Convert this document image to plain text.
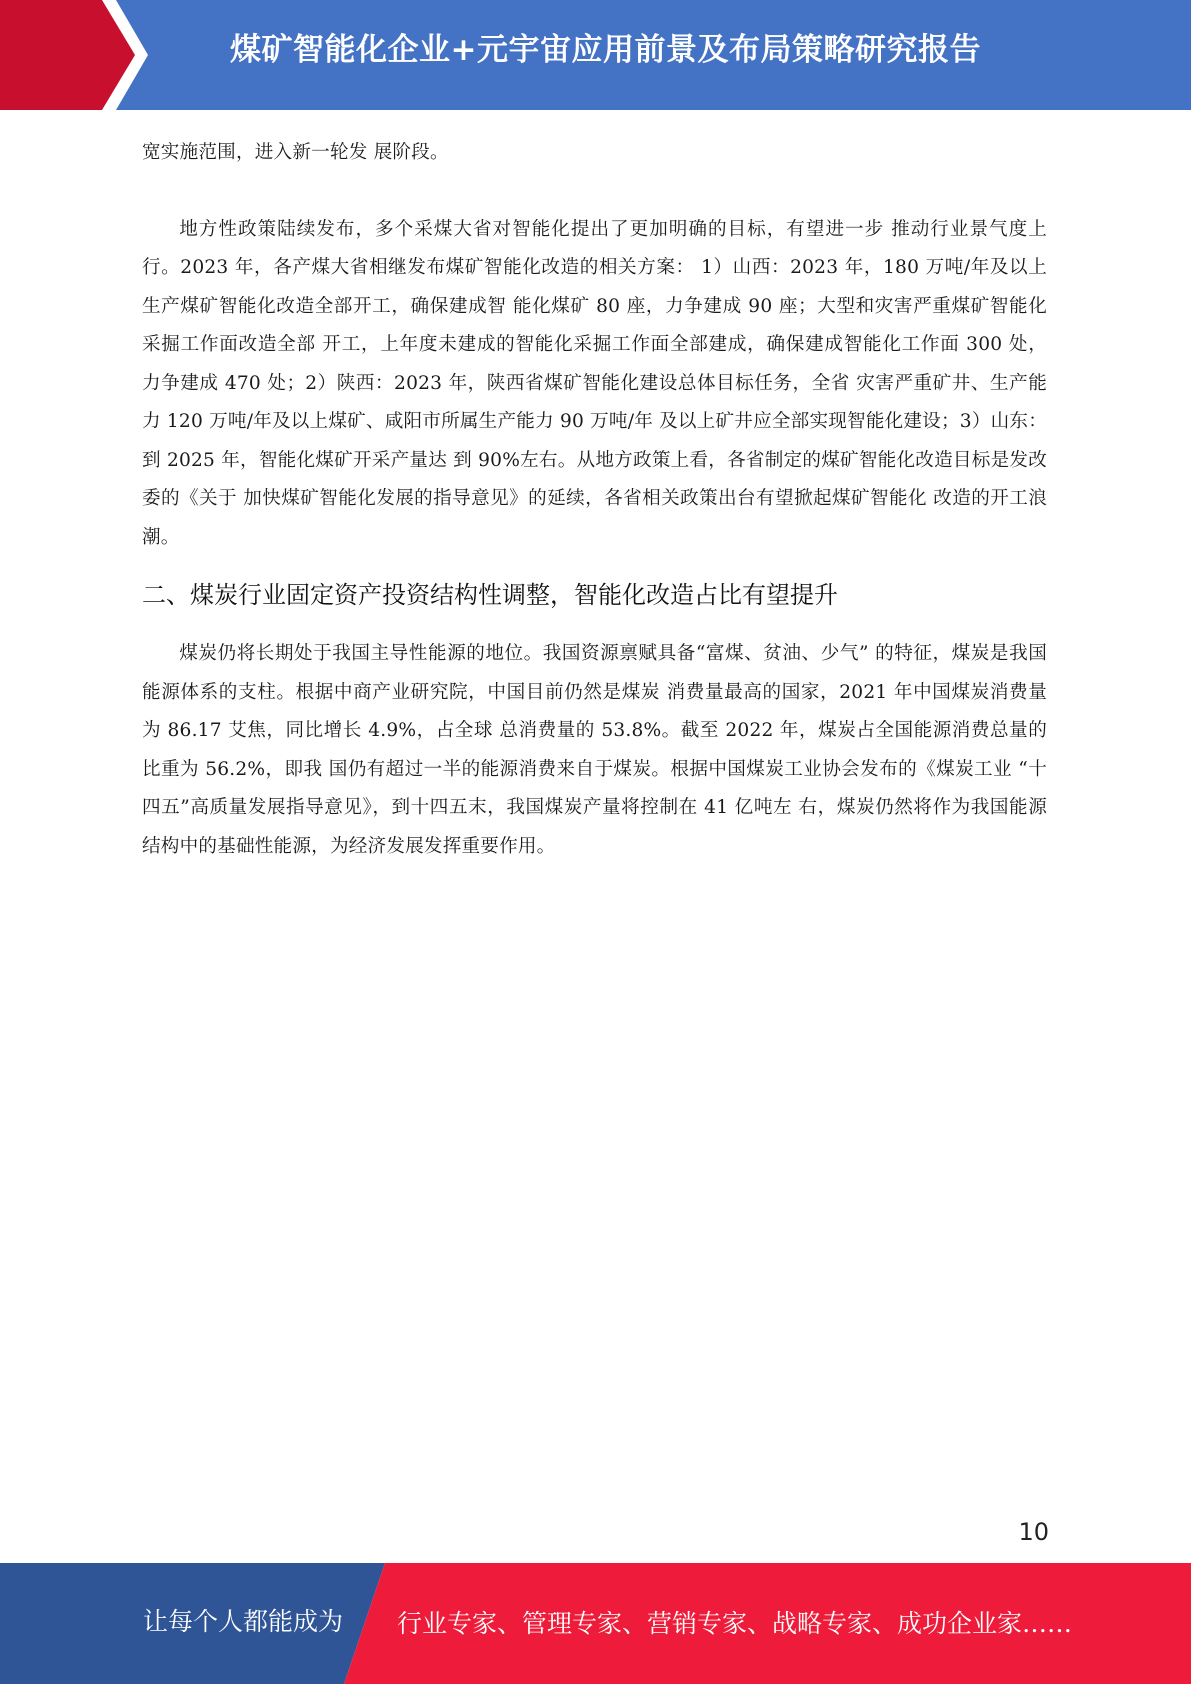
煤矿智能化企业+元宇宙应用前景及布局策略研究报告

宽实施范围，进入新一轮发 展阶段。

地方性政策陆续发布，多个采煤大省对智能化提出了更加明确的目标，有望进一步 推动行业景气度上行。2023 年，各产煤大省相继发布煤矿智能化改造的相关方案： 1）山西：2023 年，180 万吨/年及以上生产煤矿智能化改造全部开工，确保建成智 能化煤矿 80 座，力争建成 90 座；大型和灾害严重煤矿智能化采掘工作面改造全部 开工，上年度未建成的智能化采掘工作面全部建成，确保建成智能化工作面 300 处， 力争建成 470 处；2）陕西：2023 年，陕西省煤矿智能化建设总体目标任务，全省 灾害严重矿井、生产能力 120 万吨/年及以上煤矿、咸阳市所属生产能力 90 万吨/年 及以上矿井应全部实现智能化建设；3）山东：到 2025 年，智能化煤矿开采产量达 到 90%左右。从地方政策上看，各省制定的煤矿智能化改造目标是发改委的《关于 加快煤矿智能化发展的指导意见》的延续，各省相关政策出台有望掀起煤矿智能化 改造的开工浪潮。

二、煤炭行业固定资产投资结构性调整，智能化改造占比有望提升

煤炭仍将长期处于我国主导性能源的地位。我国资源禀赋具备“富煤、贫油、少气” 的特征，煤炭是我国能源体系的支柱。根据中商产业研究院，中国目前仍然是煤炭 消费量最高的国家，2021 年中国煤炭消费量为 86.17 艾焦，同比增长 4.9%，占全球 总消费量的 53.8%。截至 2022 年，煤炭占全国能源消费总量的比重为 56.2%，即我 国仍有超过一半的能源消费来自于煤炭。根据中国煤炭工业协会发布的《煤炭工业 “十四五”高质量发展指导意见》，到十四五末，我国煤炭产量将控制在 41 亿吨左 右，煤炭仍然将作为我国能源结构中的基础性能源，为经济发展发挥重要作用。

10
让每个人都能成为 行业专家、管理专家、营销专家、战略专家、成功企业家……
